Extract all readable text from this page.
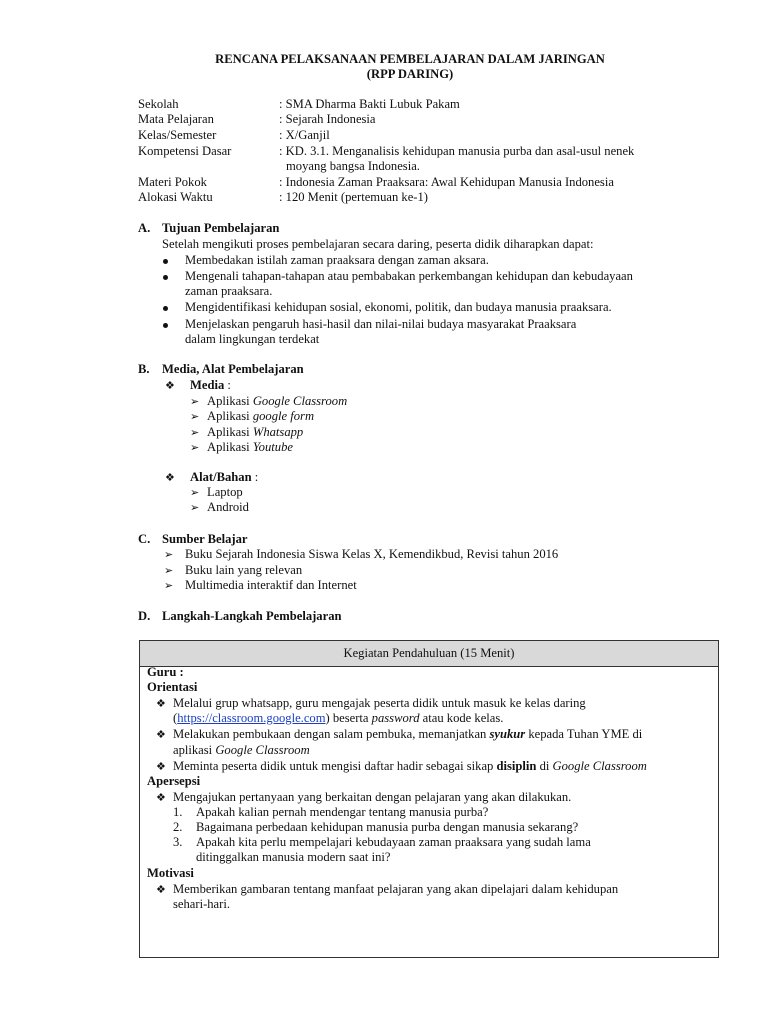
RENCANA PELAKSANAAN PEMBELAJARAN DALAM JARINGAN
(RPP DARING)
Sekolah	: SMA Dharma Bakti Lubuk Pakam
Mata Pelajaran	: Sejarah Indonesia
Kelas/Semester	: X/Ganjil
Kompetensi Dasar	: KD. 3.1. Menganalisis kehidupan manusia purba dan asal-usul nenek
moyang bangsa Indonesia.
Materi Pokok	: Indonesia Zaman Praaksara: Awal Kehidupan Manusia Indonesia
Alokasi Waktu	: 120 Menit (pertemuan ke-1)
A. Tujuan Pembelajaran
Setelah mengikuti proses pembelajaran secara daring, peserta didik diharapkan dapat:
Membedakan istilah zaman praaksara dengan zaman aksara.
Mengenali tahapan-tahapan atau pembabakan perkembangan kehidupan dan kebudayaan
zaman praaksara.
Mengidentifikasi kehidupan sosial, ekonomi, politik, dan budaya manusia praaksara.
Menjelaskan pengaruh hasi-hasil dan nilai-nilai budaya masyarakat Praaksara
dalam lingkungan terdekat
B. Media, Alat Pembelajaran
❖ Media :
➢ Aplikasi Google Classroom
➢ Aplikasi google form
➢ Aplikasi Whatsapp
➢ Aplikasi Youtube
❖ Alat/Bahan :
➢ Laptop
➢ Android
C. Sumber Belajar
➢ Buku Sejarah Indonesia Siswa Kelas X, Kemendikbud, Revisi tahun 2016
➢ Buku lain yang relevan
➢ Multimedia interaktif dan Internet
D. Langkah-Langkah Pembelajaran
Kegiatan Pendahuluan (15 Menit)
Guru :
Orientasi
❖ Melalui grup whatsapp, guru mengajak peserta didik untuk masuk ke kelas daring
(https://classroom.google.com) beserta password atau kode kelas.
❖ Melakukan pembukaan dengan salam pembuka, memanjatkan syukur kepada Tuhan YME di
aplikasi Google Classroom
❖ Meminta peserta didik untuk mengisi daftar hadir sebagai sikap disiplin di Google Classroom
Apersepsi
❖ Mengajukan pertanyaan yang berkaitan dengan pelajaran yang akan dilakukan.
1. Apakah kalian pernah mendengar tentang manusia purba?
2. Bagaimana perbedaan kehidupan manusia purba dengan manusia sekarang?
3. Apakah kita perlu mempelajari kebudayaan zaman praaksara yang sudah lama
ditinggalkan manusia modern saat ini?
Motivasi
❖ Memberikan gambaran tentang manfaat pelajaran yang akan dipelajari dalam kehidupan
sehari-hari.
